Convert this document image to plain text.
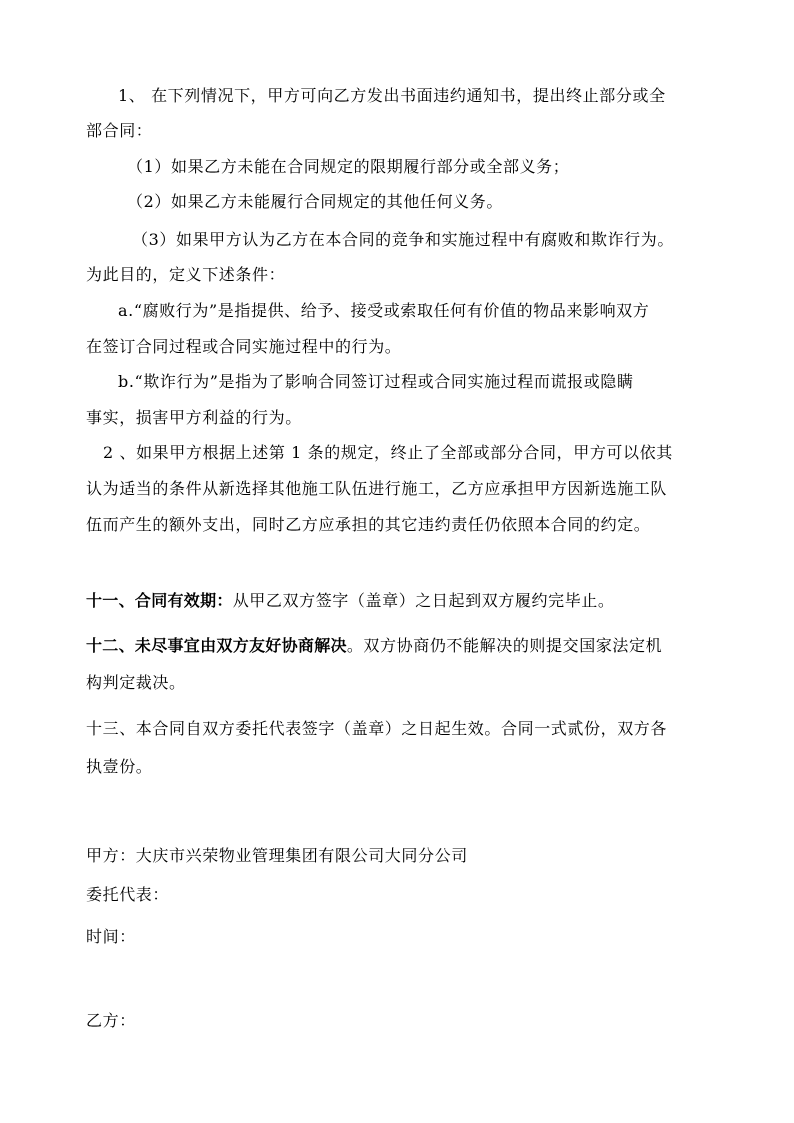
1、 在下列情况下，甲方可向乙方发出书面违约通知书，提出终止部分或全
部合同：
（1）如果乙方未能在合同规定的限期履行部分或全部义务；
（2）如果乙方未能履行合同规定的其他任何义务。
（3）如果甲方认为乙方在本合同的竞争和实施过程中有腐败和欺诈行为。
为此目的，定义下述条件：
a.“腐败行为”是指提供、给予、接受或索取任何有价值的物品来影响双方
在签订合同过程或合同实施过程中的行为。
b.“欺诈行为”是指为了影响合同签订过程或合同实施过程而谎报或隐瞒
事实，损害甲方利益的行为。
2 、如果甲方根据上述第 1 条的规定，终止了全部或部分合同，甲方可以依其
认为适当的条件从新选择其他施工队伍进行施工，乙方应承担甲方因新选施工队
伍而产生的额外支出，同时乙方应承担的其它违约责任仍依照本合同的约定。
十一、合同有效期：从甲乙双方签字（盖章）之日起到双方履约完毕止。
十二、未尽事宜由双方友好协商解决。双方协商仍不能解决的则提交国家法定机
构判定裁决。
十三、本合同自双方委托代表签字（盖章）之日起生效。合同一式贰份，双方各
执壹份。
甲方：大庆市兴荣物业管理集团有限公司大同分公司
委托代表：
时间：
乙方：
